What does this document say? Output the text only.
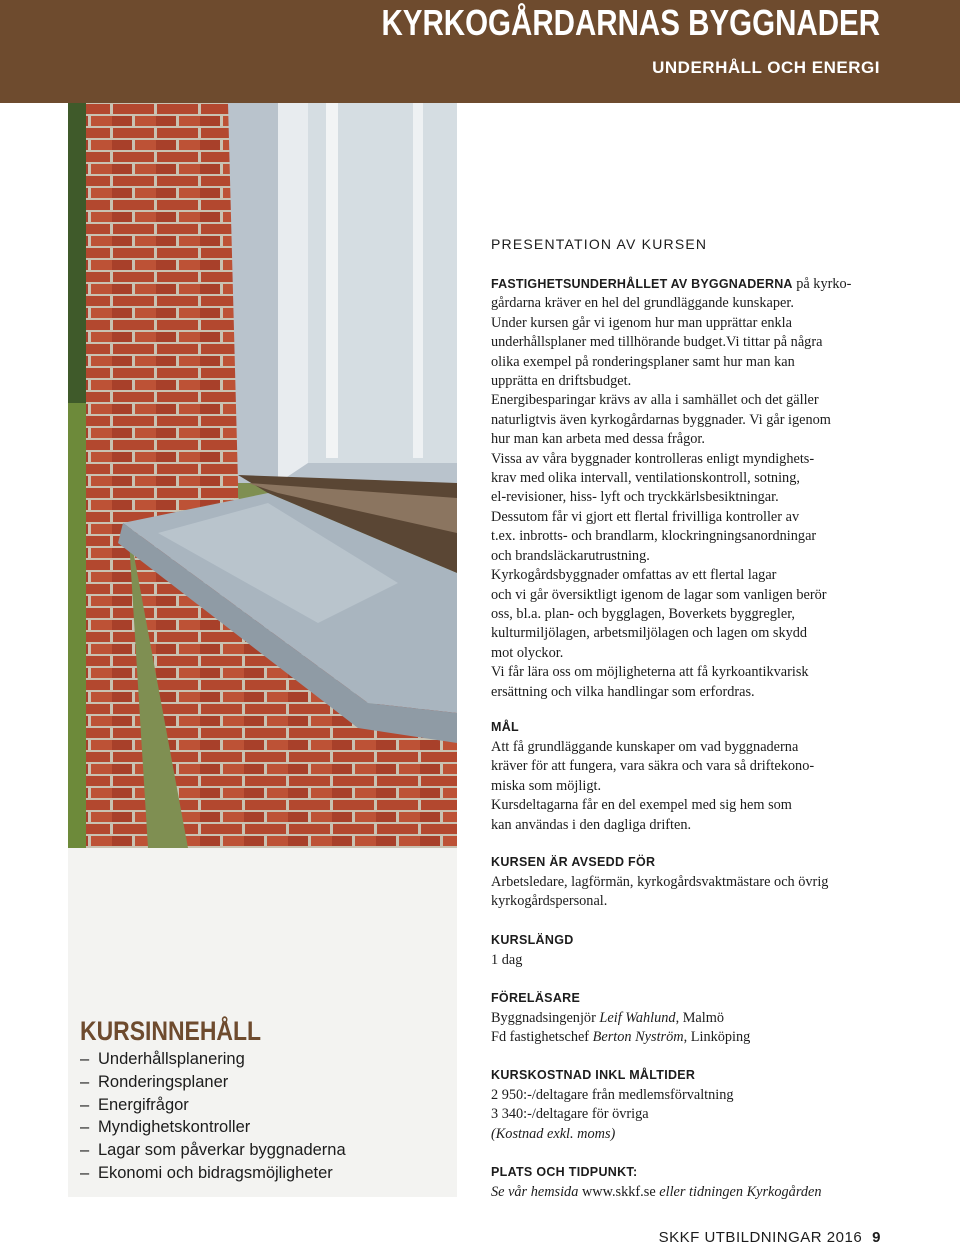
KYRKOGÅRDARNAS BYGGNADER
UNDERHÅLL OCH ENERGI
KURSINNEHÅLL
– Underhållsplanering
– Ronderingsplaner
– Energifrågor
– Myndighetskontroller
– Lagar som påverkar byggnaderna
– Ekonomi och bidragsmöjligheter
PRESENTATION AV KURSEN

FASTIGHETSUNDERHÅLLET AV BYGGNADERNA på kyrko-
gårdarna kräver en hel del grundläggande kunskaper.
Under kursen går vi igenom hur man upprättar enkla
underhållsplaner med tillhörande budget.Vi tittar på några
olika exempel på ronderingsplaner samt hur man kan
upprätta en driftsbudget.
Energibesparingar krävs av alla i samhället och det gäller
naturligtvis även kyrkogårdarnas byggnader. Vi går igenom
hur man kan arbeta med dessa frågor.
Vissa av våra byggnader kontrolleras enligt myndighets-
krav med olika intervall, ventilationskontroll, sotning,
el-revisioner, hiss- lyft och tryckkärlsbesiktningar.
Dessutom får vi gjort ett flertal frivilliga kontroller av
t.ex. inbrotts- och brandlarm, klockringningsanordningar
och brandsläckarutrustning.
Kyrkogårdsbyggnader omfattas av ett flertal lagar
och vi går översiktligt igenom de lagar som vanligen berör
oss, bl.a. plan- och bygglagen, Boverkets byggregler,
kulturmiljölagen, arbetsmiljölagen och lagen om skydd
mot olyckor.
Vi får lära oss om möjligheterna att få kyrkoantikvarisk
ersättning och vilka handlingar som erfordras.

MÅL

Att få grundläggande kunskaper om vad byggnaderna
kräver för att fungera, vara säkra och vara så driftekono-
miska som möjligt.
Kursdeltagarna får en del exempel med sig hem som
kan användas i den dagliga driften.

KURSEN ÄR AVSEDD FÖR

Arbetsledare, lagförmän, kyrkogårdsvaktmästare och övrig
kyrkogårdspersonal.

KURSLÄNGD

1 dag

FÖRELÄSARE

Byggnadsingenjör Leif Wahlund, Malmö
Fd fastighetschef Berton Nyström, Linköping

KURSKOSTNAD INKL MÅLTIDER

2 950:-/deltagare från medlemsförvaltning
3 340:-/deltagare för övriga
(Kostnad exkl. moms)

PLATS OCH TIDPUNKT:

Se vår hemsida www.skkf.se eller tidningen Kyrkogården

SKKF UTBILDNINGAR 2016 9
